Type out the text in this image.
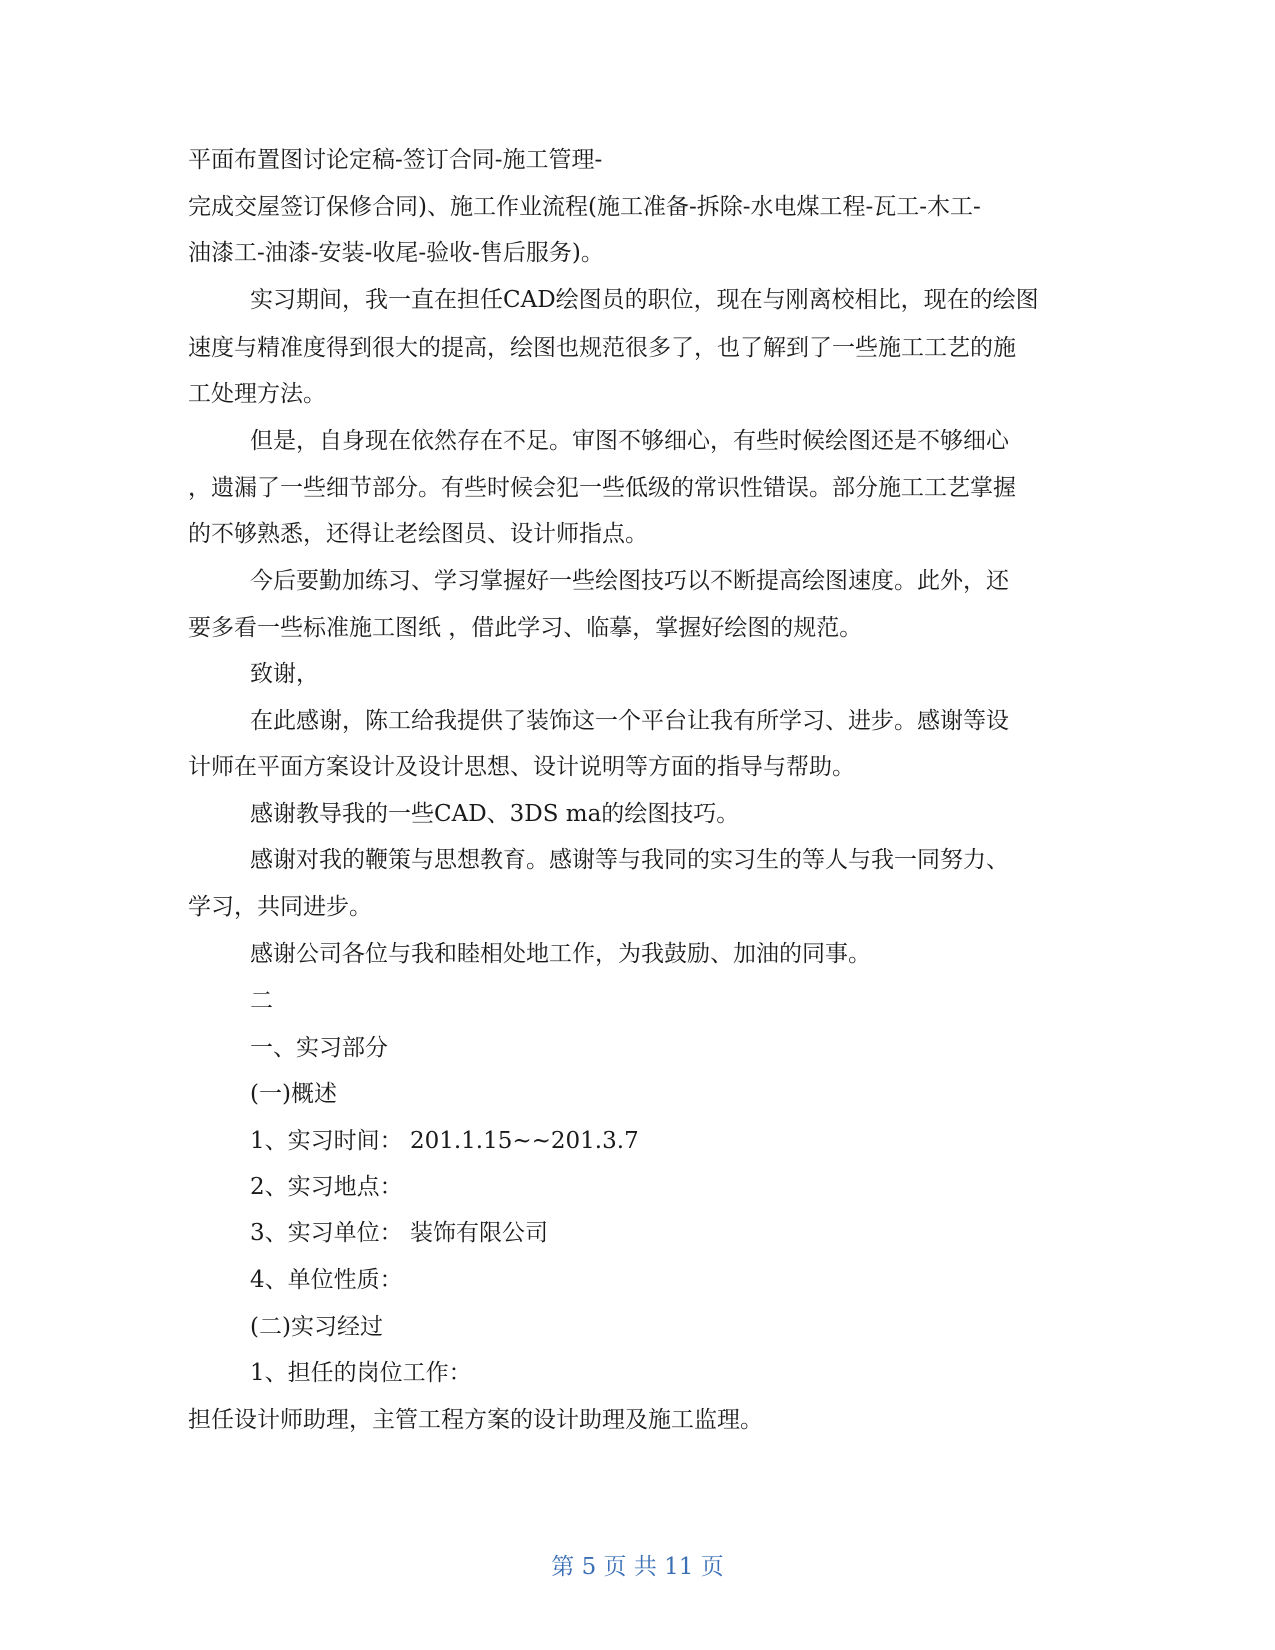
平面布置图讨论定稿-签订合同-施工管理-
完成交屋签订保修合同)、施工作业流程(施工准备-拆除-水电煤工程-瓦工-木工-
油漆工-油漆-安装-收尾-验收-售后服务)。
实习期间，我一直在担任CAD绘图员的职位，现在与刚离校相比，现在的绘图
速度与精准度得到很大的提高，绘图也规范很多了，也了解到了一些施工工艺的施
工处理方法。
但是，自身现在依然存在不足。审图不够细心，有些时候绘图还是不够细心
，遗漏了一些细节部分。有些时候会犯一些低级的常识性错误。部分施工工艺掌握
的不够熟悉，还得让老绘图员、设计师指点。
今后要勤加练习、学习掌握好一些绘图技巧以不断提高绘图速度。此外，还
要多看一些标准施工图纸 ，借此学习、临摹，掌握好绘图的规范。
致谢，
在此感谢，陈工给我提供了装饰这一个平台让我有所学习、进步。感谢等设
计师在平面方案设计及设计思想、设计说明等方面的指导与帮助。
感谢教导我的一些CAD、3DS ma的绘图技巧。
感谢对我的鞭策与思想教育。感谢等与我同的实习生的等人与我一同努力、
学习，共同进步。
感谢公司各位与我和睦相处地工作，为我鼓励、加油的同事。
二
一、实习部分
(一)概述
1、实习时间： 201.1.15~~201.3.7
2、实习地点：
3、实习单位： 装饰有限公司
4、单位性质：
(二)实习经过
1、担任的岗位工作：
担任设计师助理，主管工程方案的设计助理及施工监理。
第 5 页 共 11 页
